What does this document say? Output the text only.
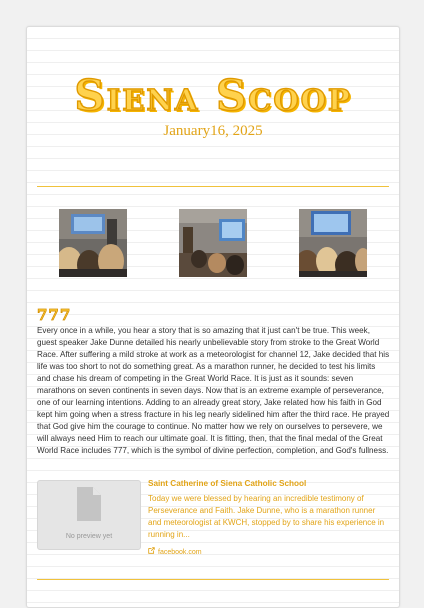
Siena Scoop
January16, 2025
777

Every once in a while, you hear a story that is so amazing that it just can't be true. This week, guest speaker Jake Dunne detailed his nearly unbelievable story from stroke to the Great World Race. After suffering a mild stroke at work as a meteorologist for channel 12, Jake decided that his life was too short to not do something great. As a marathon runner, he decided to test his limits and chase his dream of competing in the Great World Race. It is just as it sounds: seven marathons on seven continents in seven days. Now that is an extreme example of perseverance, one of our learning intentions. Adding to an already great story, Jake related how his faith in God kept him going when a stress fracture in his leg nearly sidelined him after the third race. He prayed that God give him the courage to continue. No matter how we rely on ourselves to persevere, we will always need Him to reach our ultimate goal. It is fitting, then, that the final medal of the Great World Race includes 777, which is the symbol of divine perfection, completion, and God's fullness.

No preview yet
Saint Catherine of Siena Catholic School
Today we were blessed by hearing an incredible testimony of Perseverance and Faith. Jake Dunne, who is a marathon runner and meteorologist at KWCH, stopped by to share his experience in running in...
facebook.com
